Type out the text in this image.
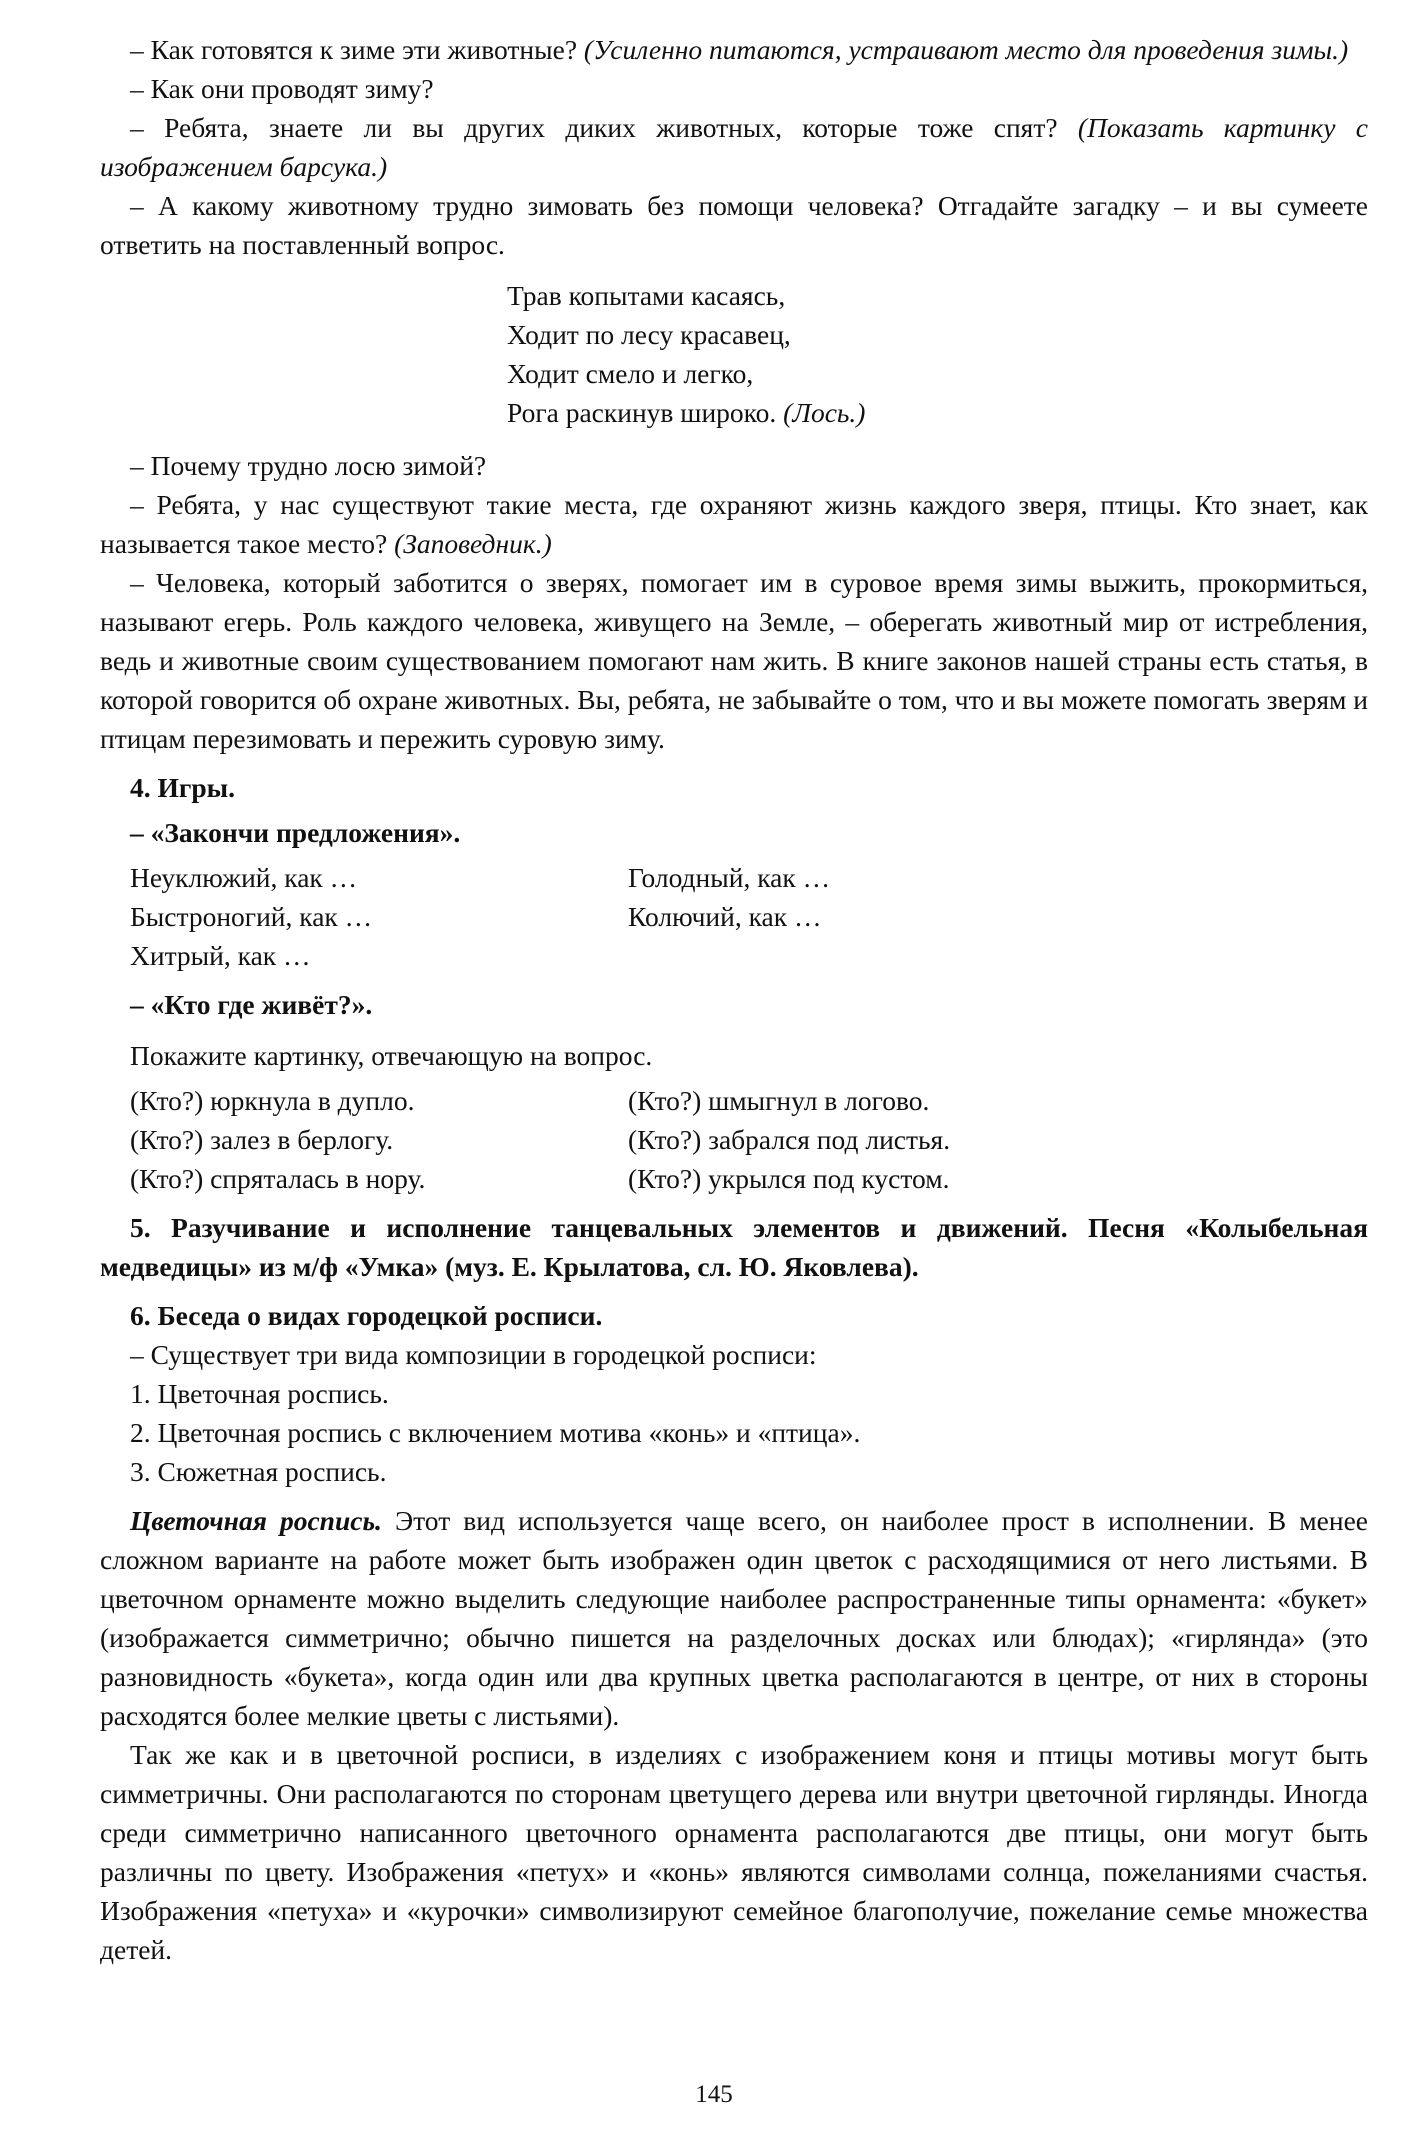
– Как готовятся к зиме эти животные? (Усиленно питаются, устраивают место для проведения зимы.)

– Как они проводят зиму?

– Ребята, знаете ли вы других диких животных, которые тоже спят? (Показать картинку с изображением барсука.)

– А какому животному трудно зимовать без помощи человека? Отгадайте загадку – и вы сумеете ответить на поставленный вопрос.

Трав копытами касаясь,
Ходит по лесу красавец,
Ходит смело и легко,
Рога раскинув широко. (Лось.)

– Почему трудно лосю зимой?

– Ребята, у нас существуют такие места, где охраняют жизнь каждого зверя, птицы. Кто знает, как называется такое место? (Заповедник.)

– Человека, который заботится о зверях, помогает им в суровое время зимы выжить, прокормиться, называют егерь. Роль каждого человека, живущего на Земле, – оберегать животный мир от истребления, ведь и животные своим существованием помогают нам жить. В книге законов нашей страны есть статья, в которой говорится об охране животных. Вы, ребята, не забывайте о том, что и вы можете помогать зверям и птицам перезимовать и пережить суровую зиму.

4. Игры.

– «Закончи предложения».

Неуклюжий, как …	Голодный, как …
Быстроногий, как …	Колючий, как …
Хитрый, как …

– «Кто где живёт?».

Покажите картинку, отвечающую на вопрос.

(Кто?) юркнула в дупло.	(Кто?) шмыгнул в логово.
(Кто?) залез в берлогу.	(Кто?) забрался под листья.
(Кто?) спряталась в нору.	(Кто?) укрылся под кустом.

5. Разучивание и исполнение танцевальных элементов и движений. Песня «Колыбельная медведицы» из м/ф «Умка» (муз. Е. Крылатова, сл. Ю. Яковлева).

6. Беседа о видах городецкой росписи.

– Существует три вида композиции в городецкой росписи:

1. Цветочная роспись.

2. Цветочная роспись с включением мотива «конь» и «птица».

3. Сюжетная роспись.

Цветочная роспись. Этот вид используется чаще всего, он наиболее прост в исполнении. В менее сложном варианте на работе может быть изображен один цветок с расходящимися от него листьями. В цветочном орнаменте можно выделить следующие наиболее распространенные типы орнамента: «букет» (изображается симметрично; обычно пишется на разделочных досках или блюдах); «гирлянда» (это разновидность «букета», когда один или два крупных цветка располагаются в центре, от них в стороны расходятся более мелкие цветы с листьями).

Так же как и в цветочной росписи, в изделиях с изображением коня и птицы мотивы могут быть симметричны. Они располагаются по сторонам цветущего дерева или внутри цветочной гирлянды. Иногда среди симметрично написанного цветочного орнамента располагаются две птицы, они могут быть различны по цвету. Изображения «петух» и «конь» являются символами солнца, пожеланиями счастья. Изображения «петуха» и «курочки» символизируют семейное благополучие, пожелание семье множества детей.

145
